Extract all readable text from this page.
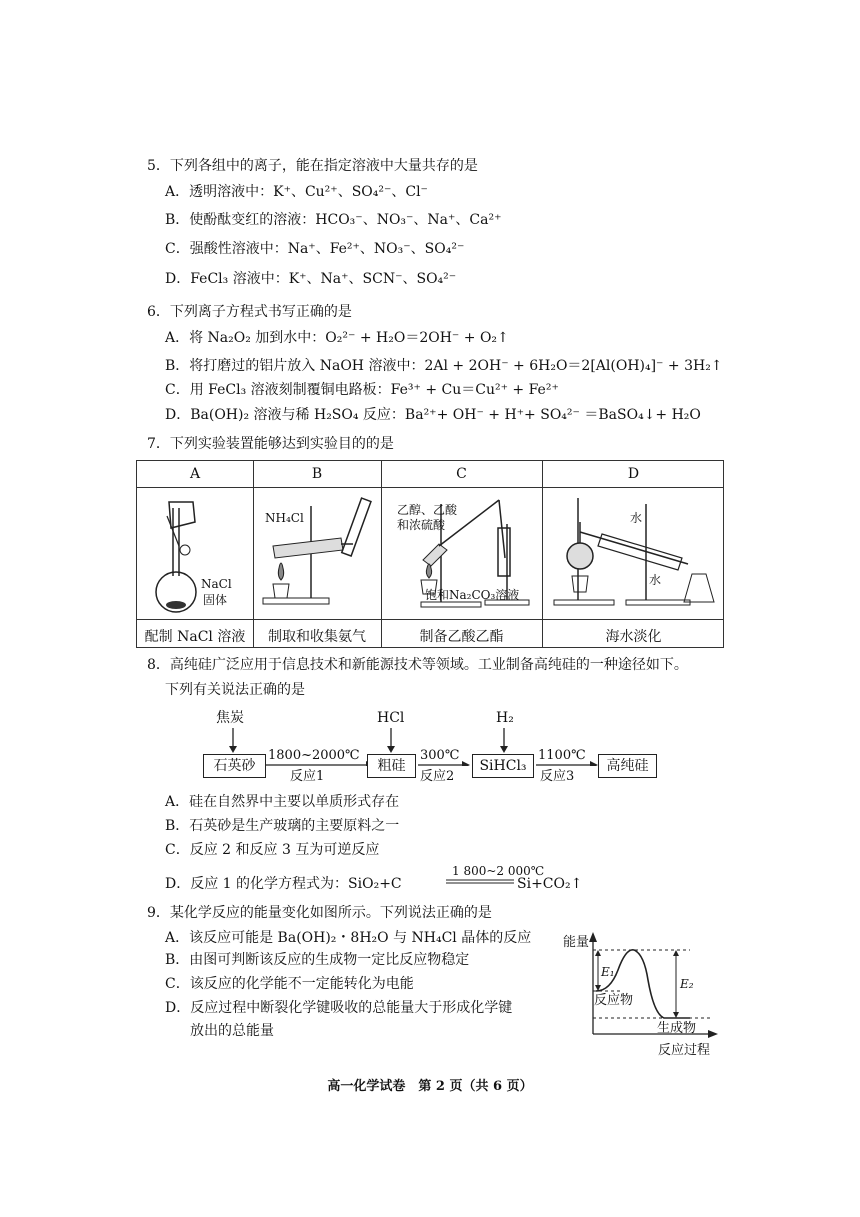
5．下列各组中的离子，能在指定溶液中大量共存的是
A．透明溶液中：K⁺、Cu²⁺、SO₄²⁻、Cl⁻
B．使酚酞变红的溶液：HCO₃⁻、NO₃⁻、Na⁺、Ca²⁺
C．强酸性溶液中：Na⁺、Fe²⁺、NO₃⁻、SO₄²⁻
D．FeCl₃ 溶液中：K⁺、Na⁺、SCN⁻、SO₄²⁻
6．下列离子方程式书写正确的是
A．将 Na₂O₂ 加到水中：O₂²⁻ + H₂O＝2OH⁻ + O₂↑
B．将打磨过的铝片放入 NaOH 溶液中：2Al + 2OH⁻ + 6H₂O＝2[Al(OH)₄]⁻ + 3H₂↑
C．用 FeCl₃ 溶液刻制覆铜电路板：Fe³⁺ + Cu＝Cu²⁺ + Fe²⁺
D．Ba(OH)₂ 溶液与稀 H₂SO₄ 反应：Ba²⁺+ OH⁻ + H⁺+ SO₄²⁻ ＝BaSO₄↓+ H₂O
7．下列实验装置能够达到实验目的的是
A	B	C	D
NaCl
固体
NH₄Cl
乙醇、乙酸
和浓硫酸
饱和Na₂CO₃溶液
水
水
配制 NaCl 溶液	制取和收集氨气	制备乙酸乙酯	海水淡化
8．高纯硅广泛应用于信息技术和新能源技术等领域。工业制备高纯硅的一种途径如下。
下列有关说法正确的是
焦炭	HCl	H₂
石英砂	粗硅	SiHCl₃	高纯硅
1800~2000℃	300℃	1100℃
反应1	反应2	反应3
A．硅在自然界中主要以单质形式存在
B．石英砂是生产玻璃的主要原料之一
C．反应 2 和反应 3 互为可逆反应
D．反应 1 的化学方程式为：SiO₂+C
1 800~2 000℃
Si+CO₂↑
9．某化学反应的能量变化如图所示。下列说法正确的是
A．该反应可能是 Ba(OH)₂・8H₂O 与 NH₄Cl 晶体的反应
B．由图可判断该反应的生成物一定比反应物稳定
C．该反应的化学能不一定能转化为电能
D．反应过程中断裂化学键吸收的总能量大于形成化学键
放出的总能量
能量
反应过程
反应物
生成物
E₁
E₂
高一化学试卷　第 2 页（共 6 页）
